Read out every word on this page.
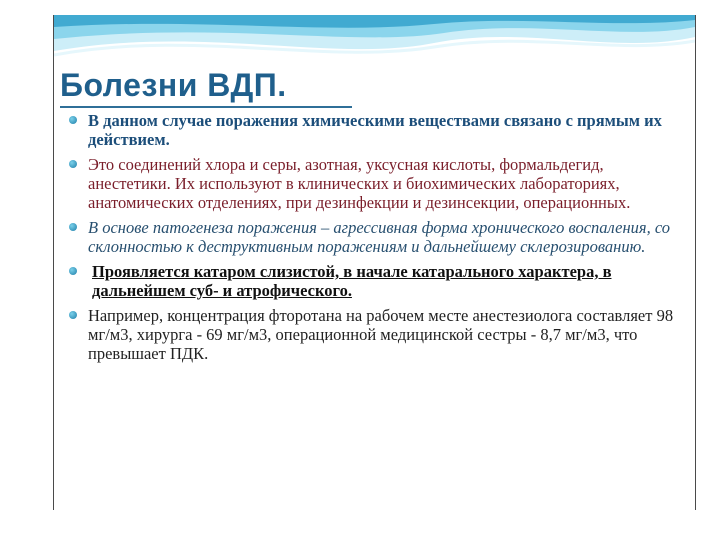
Болезни ВДП.
В данном случае поражения химическими веществами связано с прямым их действием.
Это соединений хлора и серы, азотная, уксусная кислоты, формальдегид, анестетики. Их используют в клинических и биохимических лабораториях, анатомических отделениях, при дезинфекции и дезинсекции, операционных.
В основе патогенеза поражения – агрессивная форма хронического воспаления, со склонностью к деструктивным поражениям и дальнейшему склерозированию.
Проявляется катаром слизистой, в начале катарального характера, в дальнейшем суб- и атрофического.
Например, концентрация фторотана на рабочем месте анестезиолога составляет 98 мг/м3, хирурга - 69 мг/м3, операционной медицинской сестры - 8,7 мг/м3, что превышает ПДК.
